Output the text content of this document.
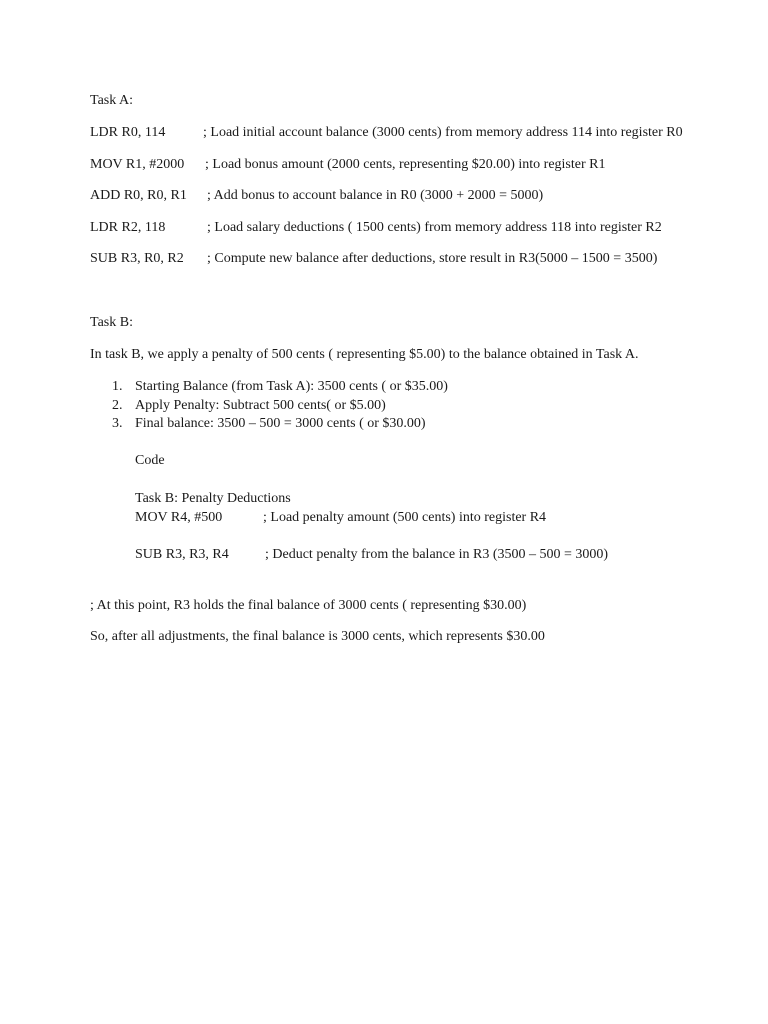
Task A:
LDR R0, 114	; Load initial account balance (3000 cents) from memory address 114 into register R0
MOV R1, #2000 ; Load bonus amount (2000 cents, representing $20.00) into register R1
ADD R0, R0, R1 ; Add bonus to account balance in R0 (3000 + 2000 = 5000)
LDR R2, 118	; Load salary deductions ( 1500 cents) from memory address 118 into register R2
SUB R3, R0, R2 ; Compute new balance after deductions, store result in R3(5000 – 1500 = 3500)
Task B:
In task B, we apply a penalty of 500 cents ( representing $5.00) to the balance obtained in Task A.
1. Starting Balance (from Task A): 3500 cents ( or $35.00)
2. Apply Penalty: Subtract 500 cents( or $5.00)
3. Final balance: 3500 – 500 = 3000 cents ( or $30.00)
Code
Task B: Penalty Deductions
MOV R4, #500	; Load penalty amount (500 cents) into register R4
SUB R3, R3, R4	; Deduct penalty from the balance in R3 (3500 – 500 = 3000)
; At this point, R3 holds the final balance of 3000 cents ( representing $30.00)
So, after all adjustments, the final balance is 3000 cents, which represents $30.00
